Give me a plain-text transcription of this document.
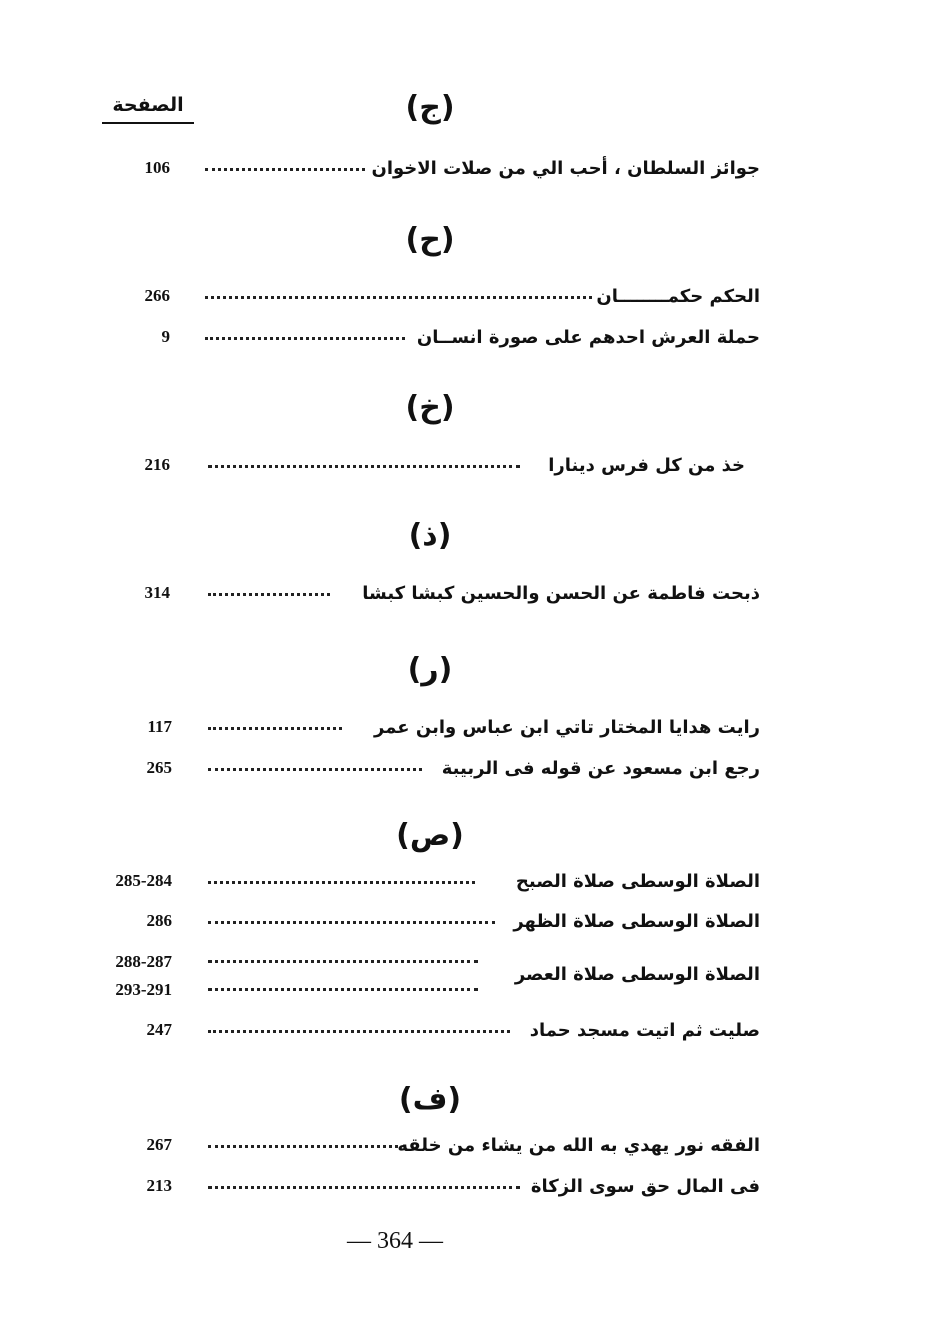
الصفحة	(ج)
جوائز السلطان ، أحب الي من صلات الاخوان
106
(ح)
الحكم حكمــــــــان
266
حملة العرش احدهم على صورة انســان
9
(خ)
خذ من كل فرس دينارا
216
(ذ)
ذبحت فاطمة عن الحسن والحسين كبشا كبشا
314
(ر)
رايت هدايا المختار تاتي ابن عباس وابن عمر
117
رجع ابن مسعود عن قوله فى الربيبة
265
(ص)
الصلاة الوسطى صلاة الصبح
285-284
الصلاة الوسطى صلاة الظهر
286
الصلاة الوسطى صلاة العصر
288-287
293-291
صليت ثم اتيت مسجد حماد
247
(ف)
الفقه نور يهدي به الله من يشاء من خلقه
267
فى المال حق سوى الزكاة
213
— 364 —
